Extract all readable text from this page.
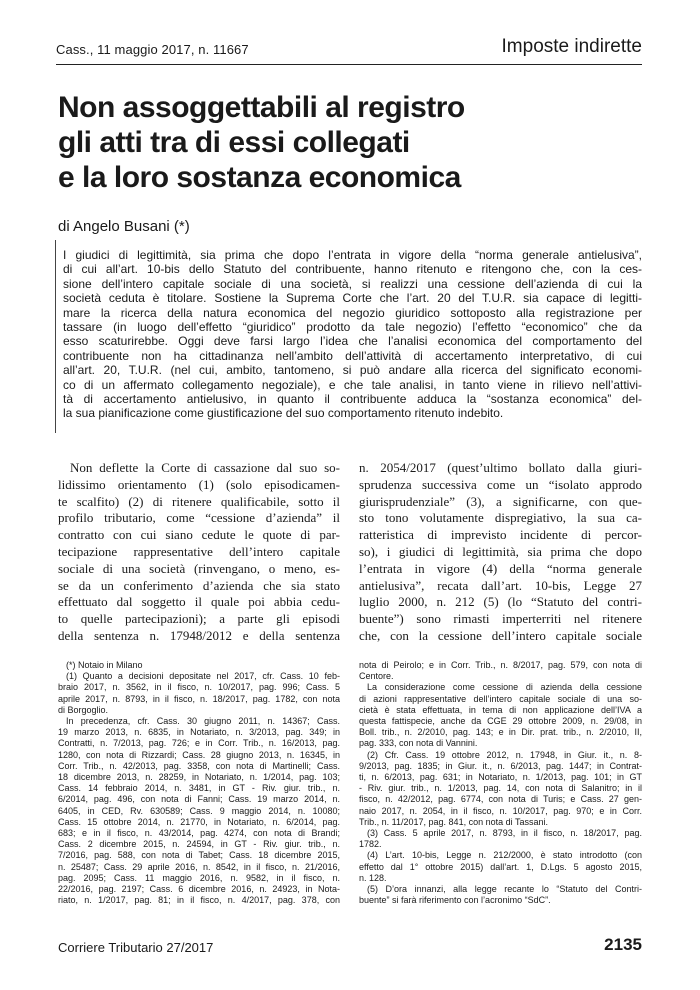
Cass., 11 maggio 2017, n. 11667	Imposte indirette
Non assoggettabili al registro
gli atti tra di essi collegati
e la loro sostanza economica
di Angelo Busani (*)
I giudici di legittimità, sia prima che dopo l’entrata in vigore della “norma generale antielusiva”,
di cui all’art. 10-bis dello Statuto del contribuente, hanno ritenuto e ritengono che, con la ces-
sione dell’intero capitale sociale di una società, si realizzi una cessione dell’azienda di cui la
società ceduta è titolare. Sostiene la Suprema Corte che l’art. 20 del T.U.R. sia capace di legitti-
mare la ricerca della natura economica del negozio giuridico sottoposto alla registrazione per
tassare (in luogo dell’effetto “giuridico” prodotto da tale negozio) l’effetto “economico” che da
esso scaturirebbe. Oggi deve farsi largo l’idea che l’analisi economica del comportamento del
contribuente non ha cittadinanza nell’ambito dell’attività di accertamento interpretativo, di cui
all’art. 20, T.U.R. (nel cui, ambito, tantomeno, si può andare alla ricerca del significato economi-
co di un affermato collegamento negoziale), e che tale analisi, in tanto viene in rilievo nell’attivi-
tà di accertamento antielusivo, in quanto il contribuente adduca la “sostanza economica” del-
la sua pianificazione come giustificazione del suo comportamento ritenuto indebito.
Non deflette la Corte di cassazione dal suo so-
lidissimo orientamento (1) (solo episodicamen-
te scalfito) (2) di ritenere qualificabile, sotto il
profilo tributario, come “cessione d’azienda” il
contratto con cui siano cedute le quote di par-
tecipazione rappresentative dell’intero capitale
sociale di una società (rinvengano, o meno, es-
se da un conferimento d’azienda che sia stato
effettuato dal soggetto il quale poi abbia cedu-
to quelle partecipazioni); a parte gli episodi
della sentenza n. 17948/2012 e della sentenza
n. 2054/2017 (quest’ultimo bollato dalla giuri-
sprudenza successiva come un “isolato approdo
giurisprudenziale” (3), a significarne, con que-
sto tono volutamente dispregiativo, la sua ca-
ratteristica di imprevisto incidente di percor-
so), i giudici di legittimità, sia prima che dopo
l’entrata in vigore (4) della “norma generale
antielusiva”, recata dall’art. 10-bis, Legge 27
luglio 2000, n. 212 (5) (lo “Statuto del contri-
buente”) sono rimasti imperterriti nel ritenere
che, con la cessione dell’intero capitale sociale
(*) Notaio in Milano
(1) Quanto a decisioni depositate nel 2017, cfr. Cass. 10 feb-
braio 2017, n. 3562, in il fisco, n. 10/2017, pag. 996; Cass. 5
aprile 2017, n. 8793, in il fisco, n. 18/2017, pag. 1782, con nota
di Borgoglio.
In precedenza, cfr. Cass. 30 giugno 2011, n. 14367; Cass.
19 marzo 2013, n. 6835, in Notariato, n. 3/2013, pag. 349; in
Contratti, n. 7/2013, pag. 726; e in Corr. Trib., n. 16/2013, pag.
1280, con nota di Rizzardi; Cass. 28 giugno 2013, n. 16345, in
Corr. Trib., n. 42/2013, pag. 3358, con nota di Martinelli; Cass.
18 dicembre 2013, n. 28259, in Notariato, n. 1/2014, pag. 103;
Cass. 14 febbraio 2014, n. 3481, in GT - Riv. giur. trib., n.
6/2014, pag. 496, con nota di Fanni; Cass. 19 marzo 2014, n.
6405, in CED, Rv. 630589; Cass. 9 maggio 2014, n. 10080;
Cass. 15 ottobre 2014, n. 21770, in Notariato, n. 6/2014, pag.
683; e in il fisco, n. 43/2014, pag. 4274, con nota di Brandi;
Cass. 2 dicembre 2015, n. 24594, in GT - Riv. giur. trib., n.
7/2016, pag. 588, con nota di Tabet; Cass. 18 dicembre 2015,
n. 25487; Cass. 29 aprile 2016, n. 8542, in il fisco, n. 21/2016,
pag. 2095; Cass. 11 maggio 2016, n. 9582, in il fisco, n.
22/2016, pag. 2197; Cass. 6 dicembre 2016, n. 24923, in Nota-
riato, n. 1/2017, pag. 81; in il fisco, n. 4/2017, pag. 378, con
nota di Peirolo; e in Corr. Trib., n. 8/2017, pag. 579, con nota di
Centore.
La considerazione come cessione di azienda della cessione
di azioni rappresentative dell’intero capitale sociale di una so-
cietà è stata effettuata, in tema di non applicazione dell’IVA a
questa fattispecie, anche da CGE 29 ottobre 2009, n. 29/08, in
Boll. trib., n. 2/2010, pag. 143; e in Dir. prat. trib., n. 2/2010, II,
pag. 333, con nota di Vannini.
(2) Cfr. Cass. 19 ottobre 2012, n. 17948, in Giur. it., n. 8-
9/2013, pag. 1835; in Giur. it., n. 6/2013, pag. 1447; in Contrat-
ti, n. 6/2013, pag. 631; in Notariato, n. 1/2013, pag. 101; in GT
- Riv. giur. trib., n. 1/2013, pag. 14, con nota di Salanitro; in il
fisco, n. 42/2012, pag. 6774, con nota di Turis; e Cass. 27 gen-
naio 2017, n. 2054, in il fisco, n. 10/2017, pag. 970; e in Corr.
Trib., n. 11/2017, pag. 841, con nota di Tassani.
(3) Cass. 5 aprile 2017, n. 8793, in il fisco, n. 18/2017, pag.
1782.
(4) L’art. 10-bis, Legge n. 212/2000, è stato introdotto (con
effetto dal 1° ottobre 2015) dall’art. 1, D.Lgs. 5 agosto 2015,
n. 128.
(5) D’ora innanzi, alla legge recante lo “Statuto del Contri-
buente” si farà riferimento con l’acronimo “SdC”.
Corriere Tributario 27/2017	2135
